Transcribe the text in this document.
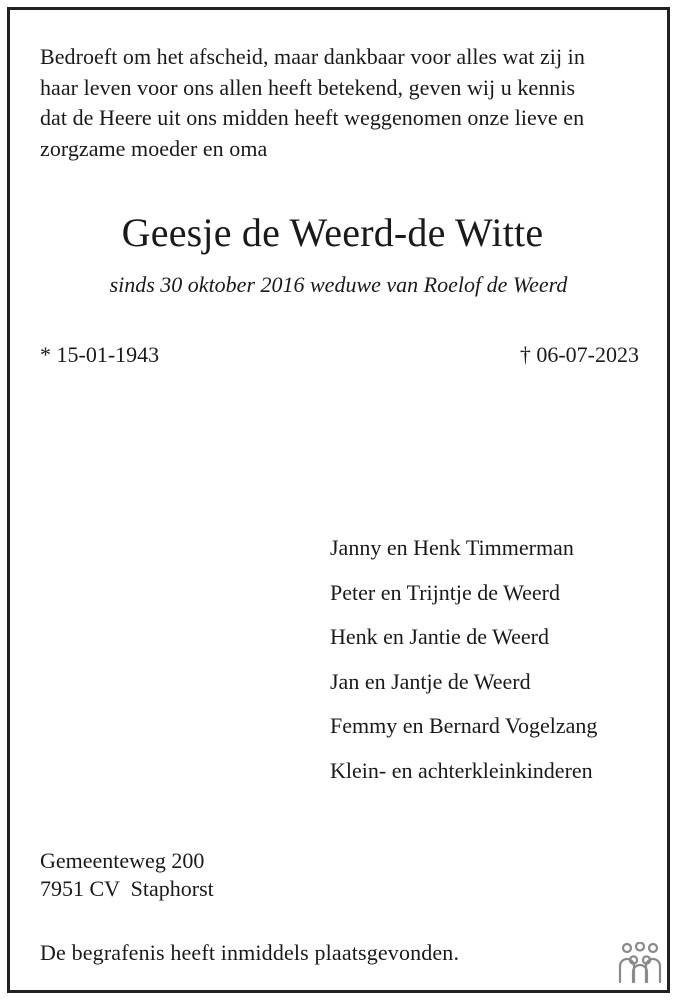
Bedroeft om het afscheid, maar dankbaar voor alles wat zij in
haar leven voor ons allen heeft betekend, geven wij u kennis
dat de Heere uit ons midden heeft weggenomen onze lieve en
zorgzame moeder en oma
Geesje de Weerd-de Witte
sinds 30 oktober 2016 weduwe van Roelof de Weerd
* 15-01-1943	† 06-07-2023
Janny en Henk Timmerman
Peter en Trijntje de Weerd
Henk en Jantie de Weerd
Jan en Jantje de Weerd
Femmy en Bernard Vogelzang
Klein- en achterkleinkinderen
Gemeenteweg 200
7951 CV  Staphorst
De begrafenis heeft inmiddels plaatsgevonden.
